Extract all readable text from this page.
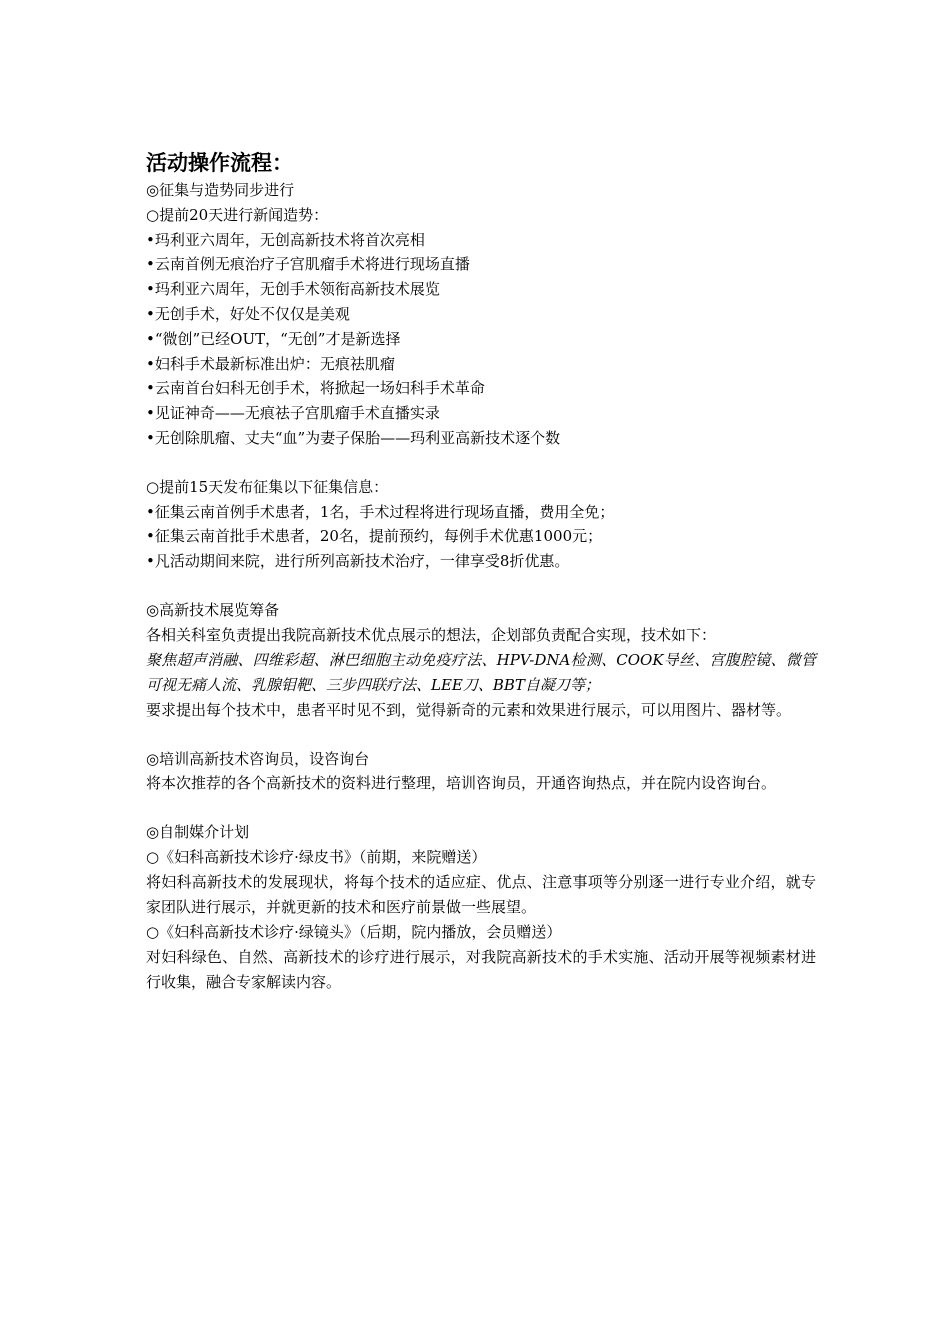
活动操作流程：

◎征集与造势同步进行

○提前20天进行新闻造势：

•玛利亚六周年，无创高新技术将首次亮相

•云南首例无痕治疗子宫肌瘤手术将进行现场直播

•玛利亚六周年，无创手术领衔高新技术展览

•无创手术，好处不仅仅是美观

•“微创”已经OUT，“无创”才是新选择

•妇科手术最新标准出炉：无痕祛肌瘤

•云南首台妇科无创手术，将掀起一场妇科手术革命

•见证神奇——无痕祛子宫肌瘤手术直播实录

•无创除肌瘤、丈夫“血”为妻子保胎——玛利亚高新技术逐个数

○提前15天发布征集以下征集信息：

•征集云南首例手术患者，1名，手术过程将进行现场直播，费用全免；

•征集云南首批手术患者，20名，提前预约，每例手术优惠1000元；

•凡活动期间来院，进行所列高新技术治疗，一律享受8折优惠。

◎高新技术展览筹备

各相关科室负责提出我院高新技术优点展示的想法，企划部负责配合实现，技术如下：

聚焦超声消融、四维彩超、淋巴细胞主动免疫疗法、HPV-DNA检测、COOK导丝、宫腹腔镜、微管可视无痛人流、乳腺钼靶、三步四联疗法、LEE刀、BBT自凝刀等；

要求提出每个技术中，患者平时见不到，觉得新奇的元素和效果进行展示，可以用图片、器材等。

◎培训高新技术咨询员，设咨询台

将本次推荐的各个高新技术的资料进行整理，培训咨询员，开通咨询热点，并在院内设咨询台。

◎自制媒介计划

○《妇科高新技术诊疗·绿皮书》（前期，来院赠送）

将妇科高新技术的发展现状，将每个技术的适应症、优点、注意事项等分别逐一进行专业介绍，就专家团队进行展示，并就更新的技术和医疗前景做一些展望。

○《妇科高新技术诊疗·绿镜头》（后期，院内播放，会员赠送）

对妇科绿色、自然、高新技术的诊疗进行展示，对我院高新技术的手术实施、活动开展等视频素材进行收集，融合专家解读内容。
